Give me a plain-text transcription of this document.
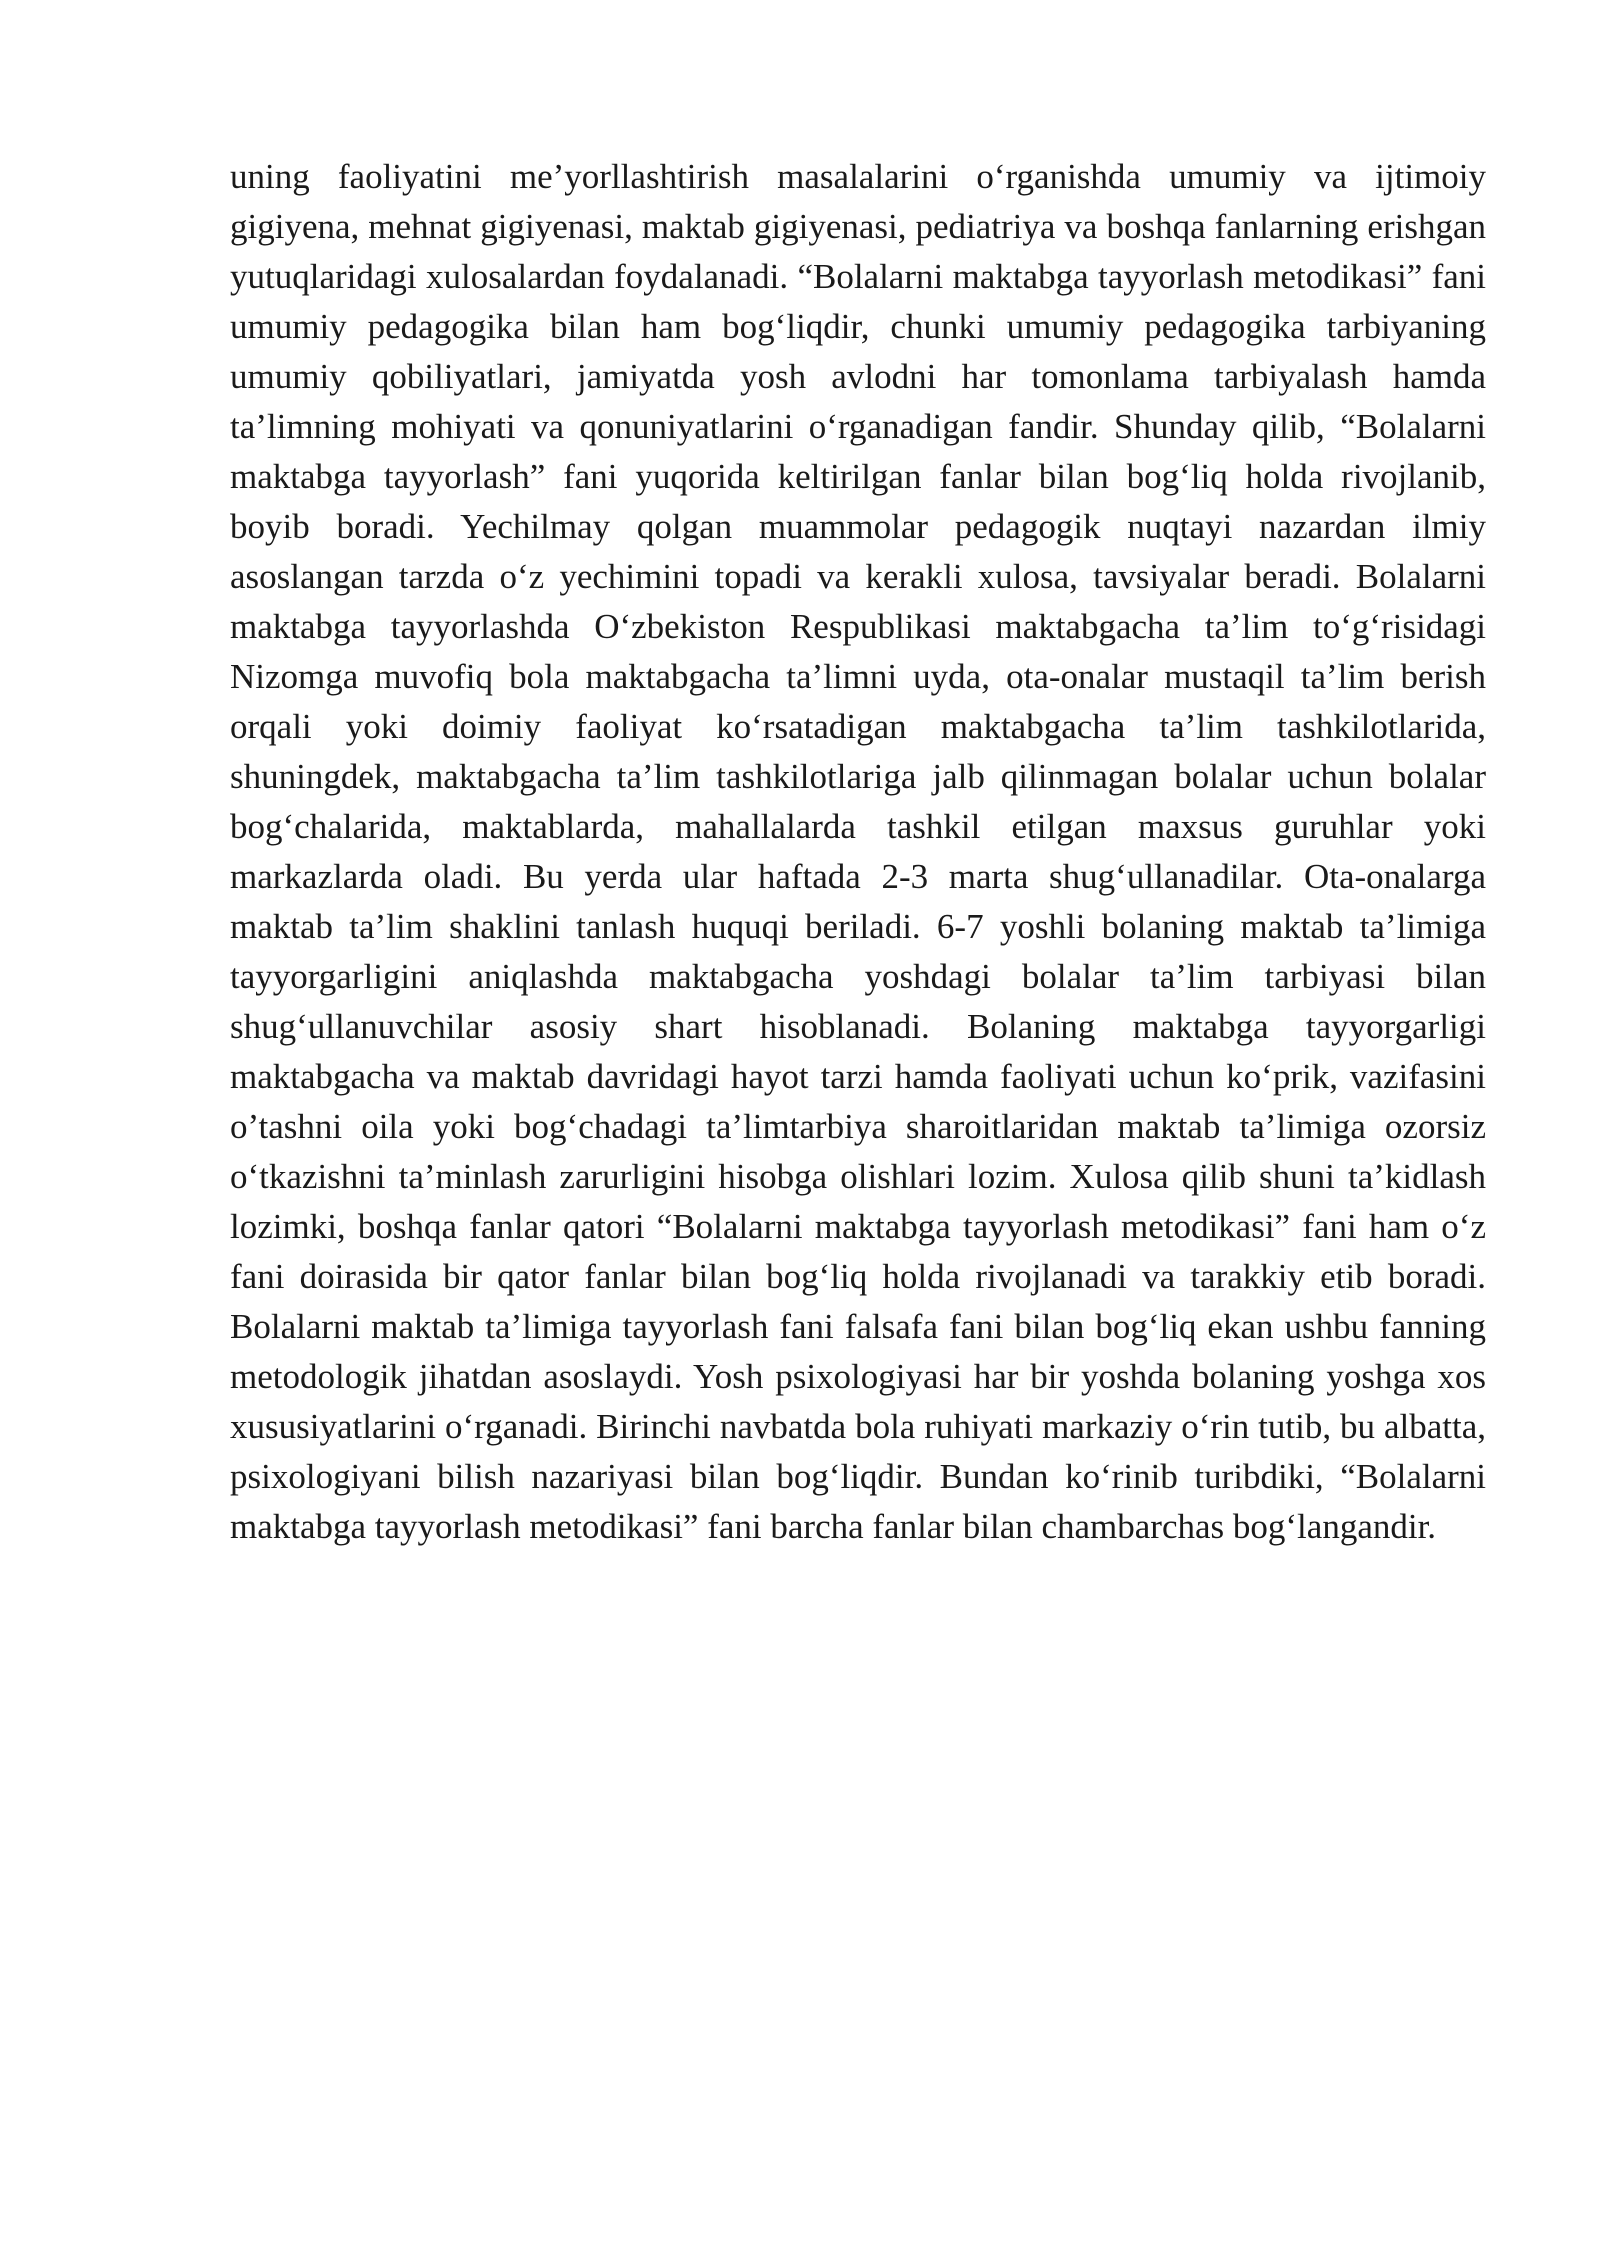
uning faoliyatini me’yorllashtirish masalalarini o‘rganishda umumiy va ijtimoiy gigiyena, mehnat gigiyenasi, maktab gigiyenasi, pediatriya va boshqa fanlarning erishgan yutuqlaridagi xulosalardan foydalanadi. “Bolalarni maktabga tayyorlash metodikasi” fani umumiy pedagogika bilan ham bog‘liqdir, chunki umumiy pedagogika tarbiyaning umumiy qobiliyatlari, jamiyatda yosh avlodni har tomonlama tarbiyalash hamda ta’limning mohiyati va qonuniyatlarini o‘rganadigan fandir. Shunday qilib, “Bolalarni maktabga tayyorlash” fani yuqorida keltirilgan fanlar bilan bog‘liq holda rivojlanib, boyib boradi. Yechilmay qolgan muammolar pedagogik nuqtayi nazardan ilmiy asoslangan tarzda o‘z yechimini topadi va kerakli xulosa, tavsiyalar beradi. Bolalarni maktabga tayyorlashda O‘zbekiston Respublikasi maktabgacha ta’lim to‘g‘risidagi Nizomga muvofiq bola maktabgacha ta’limni uyda, ota-onalar mustaqil ta’lim berish orqali yoki doimiy faoliyat ko‘rsatadigan maktabgacha ta’lim tashkilotlarida, shuningdek, maktabgacha ta’lim tashkilotlariga jalb qilinmagan bolalar uchun bolalar bog‘chalarida, maktablarda, mahallalarda tashkil etilgan maxsus guruhlar yoki markazlarda oladi. Bu yerda ular haftada 2-3 marta shug‘ullanadilar. Ota-onalarga maktab ta’lim shaklini tanlash huquqi beriladi. 6-7 yoshli bolaning maktab ta’limiga tayyorgarligini aniqlashda maktabgacha yoshdagi bolalar ta’lim tarbiyasi bilan shug‘ullanuvchilar asosiy shart hisoblanadi. Bolaning maktabga tayyorgarligi maktabgacha va maktab davridagi hayot tarzi hamda faoliyati uchun ko‘prik, vazifasini o’tashni oila yoki bog‘chadagi ta’limtarbiya sharoitlaridan maktab ta’limiga ozorsiz o‘tkazishni ta’minlash zarurligini hisobga olishlari lozim. Xulosa qilib shuni ta’kidlash lozimki, boshqa fanlar qatori “Bolalarni maktabga tayyorlash metodikasi” fani ham o‘z fani doirasida bir qator fanlar bilan bog‘liq holda rivojlanadi va tarakkiy etib boradi. Bolalarni maktab ta’limiga tayyorlash fani falsafa fani bilan bog‘liq ekan ushbu fanning metodologik jihatdan asoslaydi. Yosh psixologiyasi har bir yoshda bolaning yoshga xos xususiyatlarini o‘rganadi. Birinchi navbatda bola ruhiyati markaziy o‘rin tutib, bu albatta, psixologiyani bilish nazariyasi bilan bog‘liqdir. Bundan ko‘rinib turibdiki, “Bolalarni maktabga tayyorlash metodikasi” fani barcha fanlar bilan chambarchas bog‘langandir.
